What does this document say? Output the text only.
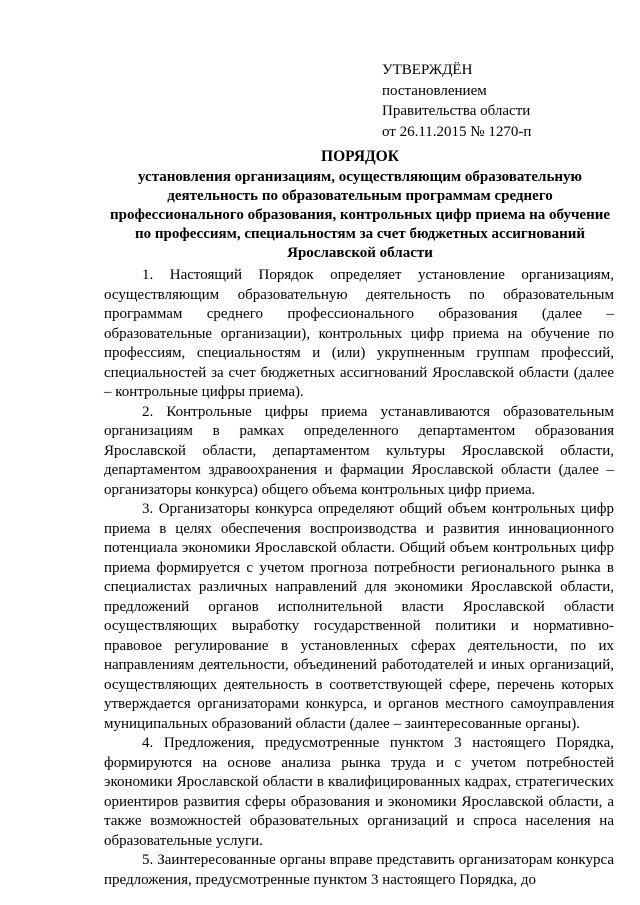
УТВЕРЖДЁН
постановлением
Правительства области
от 26.11.2015 № 1270-п
ПОРЯДОК
установления организациям, осуществляющим образовательную деятельность по образовательным программам среднего профессионального образования, контрольных цифр приема на обучение по профессиям, специальностям за счет бюджетных ассигнований Ярославской области

1. Настоящий Порядок определяет установление организациям, осуществляющим образовательную деятельность по образовательным программам среднего профессионального образования (далее – образовательные организации), контрольных цифр приема на обучение по профессиям, специальностям и (или) укрупненным группам профессий, специальностей за счет бюджетных ассигнований Ярославской области (далее – контрольные цифры приема).

2. Контрольные цифры приема устанавливаются образовательным организациям в рамках определенного департаментом образования Ярославской области, департаментом культуры Ярославской области, департаментом здравоохранения и фармации Ярославской области (далее – организаторы конкурса) общего объема контрольных цифр приема.

3. Организаторы конкурса определяют общий объем контрольных цифр приема в целях обеспечения воспроизводства и развития инновационного потенциала экономики Ярославской области. Общий объем контрольных цифр приема формируется с учетом прогноза потребности регионального рынка в специалистах различных направлений для экономики Ярославской области, предложений органов исполнительной власти Ярославской области осуществляющих выработку государственной политики и нормативно-правовое регулирование в установленных сферах деятельности, по их направлениям деятельности, объединений работодателей и иных организаций, осуществляющих деятельность в соответствующей сфере, перечень которых утверждается организаторами конкурса, и органов местного самоуправления муниципальных образований области (далее – заинтересованные органы).

4. Предложения, предусмотренные пунктом 3 настоящего Порядка, формируются на основе анализа рынка труда и с учетом потребностей экономики Ярославской области в квалифицированных кадрах, стратегических ориентиров развития сферы образования и экономики Ярославской области, а также возможностей образовательных организаций и спроса населения на образовательные услуги.

5. Заинтересованные органы вправе представить организаторам конкурса предложения, предусмотренные пунктом 3 настоящего Порядка, до
